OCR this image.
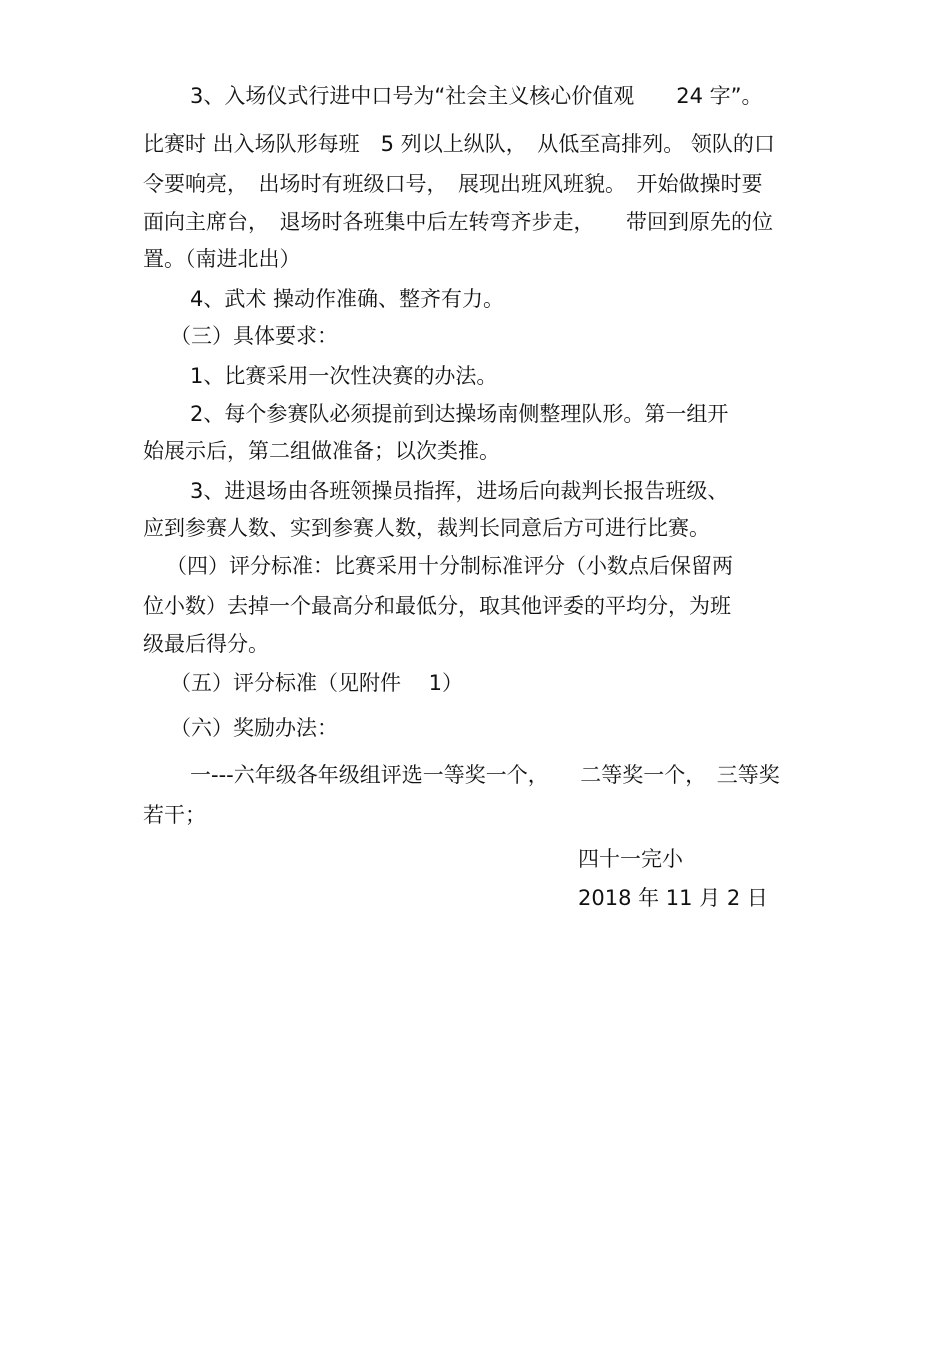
3、入场仪式行进中口号为“社会主义核心价值观　　24 字”。

比赛时 出入场队形每班　5 列以上纵队，　从低至高排列。 领队的口

令要响亮，　出场时有班级口号，　展现出班风班貌。　开始做操时要

面向主席台，　退场时各班集中后左转弯齐步走，　　带回到原先的位

置。（南进北出）

4、武术 操动作准确、整齐有力。

（三）具体要求：

1、比赛采用一次性决赛的办法。

2、每个参赛队必须提前到达操场南侧整理队形。第一组开

始展示后，第二组做准备；以次类推。

3、进退场由各班领操员指挥，进场后向裁判长报告班级、

应到参赛人数、实到参赛人数，裁判长同意后方可进行比赛。

（四）评分标准：比赛采用十分制标准评分（小数点后保留两

位小数）去掉一个最高分和最低分，取其他评委的平均分，为班

级最后得分。

（五）评分标准（见附件　 1）

（六）奖励办法：

一---六年级各年级组评选一等奖一个，　　二等奖一个，　三等奖

若干；

四十一完小

2018 年 11 月 2 日
